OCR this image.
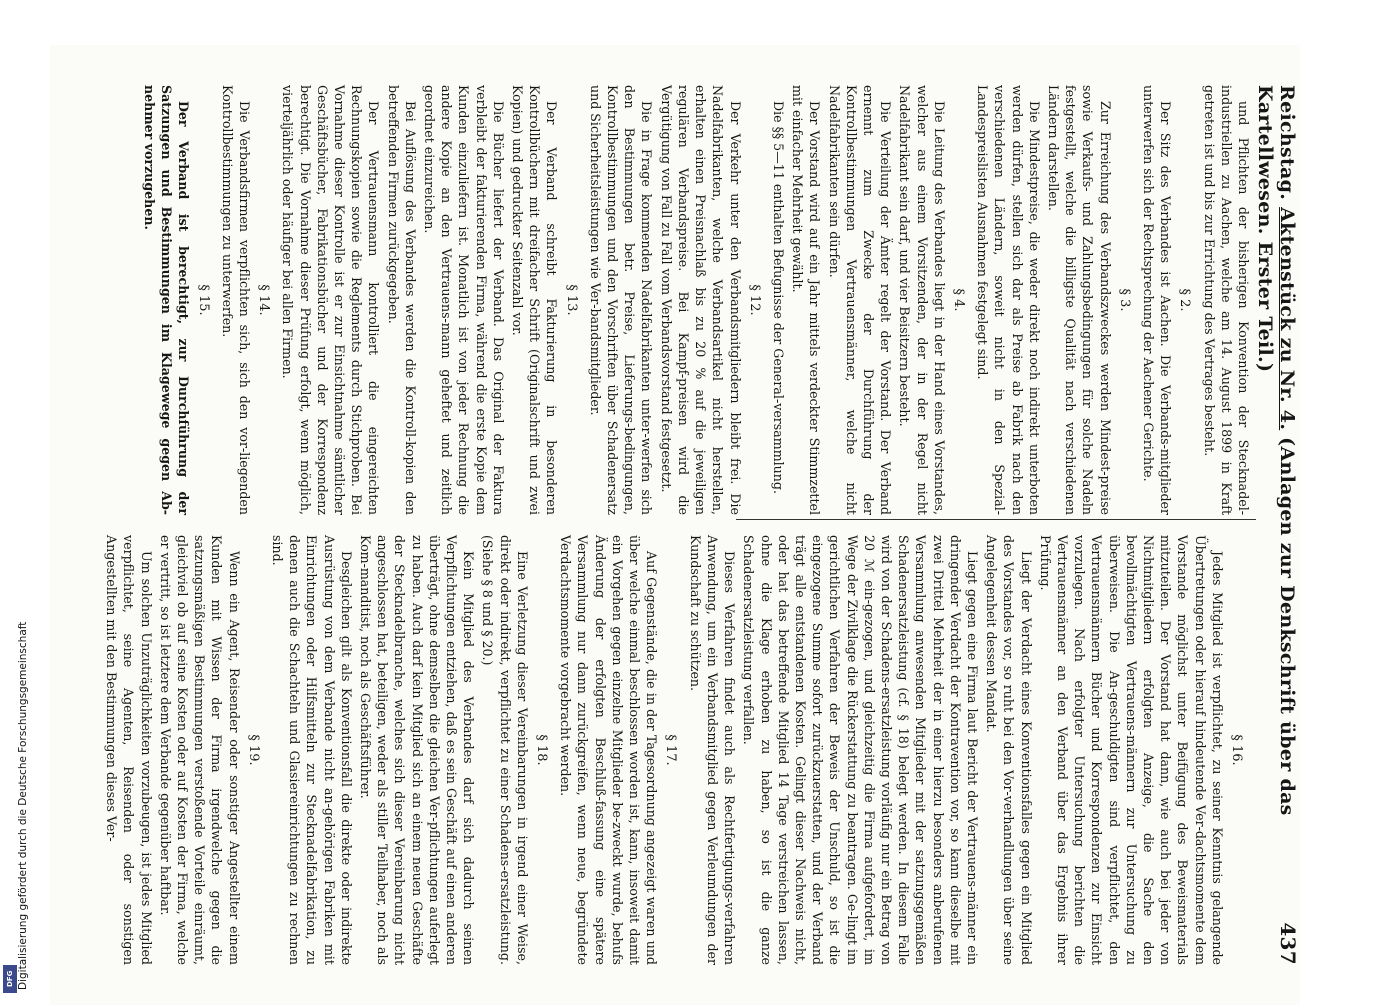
DFG Digitalisierung gefördert durch die Deutsche Forschungsgemeinschaft
Reichstag. Aktenstück zu Nr. 4. (Anlagen zur Denkschrift über das Kartellwesen. Erster Teil.)
437

und Pflichten der bisherigen Konvention der Stecknadel-industriellen zu Aachen, welche am 14. August 1899 in Kraft getreten ist und bis zur Errichtung des Vertrages besteht.

§ 2.

Der Sitz des Verbandes ist Aachen. Die Verbands-mitglieder unterwerfen sich der Rechtsprechung der Aachener Gerichte.

§ 3.

Zur Erreichung des Verbandszweckes werden Mindest-preise sowie Verkaufs- und Zahlungsbedingungen für solche Nadeln festgestellt, welche die billigste Qualität nach verschiedenen Ländern darstellen.

Die Mindestpreise, die weder direkt noch indirekt unterboten werden dürfen, stellen sich dar als Preise ab Fabrik nach den verschiedenen Ländern, soweit nicht in den Spezial-Landespreislisten Ausnahmen festgelegt sind.

§ 4.

Die Leitung des Verbandes liegt in der Hand eines Vorstandes, welcher aus einem Vorsitzenden, der in der Regel nicht Nadelfabrikant sein darf, und vier Beisitzern besteht.

Die Verteilung der Ämter regelt der Vorstand. Der Verband ernennt zum Zwecke der Durchführung der Kontrollbestimmungen Vertrauensmänner, welche nicht Nadelfabrikanten sein dürfen.

Der Vorstand wird auf ein Jahr mittels verdeckter Stimmzettel mit einfacher Mehrheit gewählt.

Die §§ 5—11 enthalten Befugnisse der General-versammlung.

§ 12.

Der Verkehr unter den Verbandsmitgliedern bleibt frei. Die Nadelfabrikanten, welche Verbandsartikel nicht herstellen, erhalten einen Preisnachlaß bis zu 20 % auf die jeweiligen regulären Verbandspreise. Bei Kampf-preisen wird die Vergütigung von Fall zu Fall vom Verbandsvorstand festgesetzt.

Die in Frage kommenden Nadelfabrikanten unter-werfen sich den Bestimmungen betr. Preise, Lieferungs-bedingungen, Kontrollbestimmungen und den Vorschriften über Schadenersatz und Sicherheitsleistungen wie Ver-bandsmitglieder.

§ 13.

Der Verband schreibt Fakturierung in besonderen Kontrollbüchern mit dreifacher Schrift (Originalschrift und zwei Kopien) und gedruckter Seitenzahl vor.

Die Bücher liefert der Verband. Das Original der Faktura verbleibt der fakturierenden Firma, während die erste Kopie dem Kunden einzuliefern ist. Monatlich ist von jeder Rechnung die andere Kopie an den Vertrauens-mann geheftet und zeitlich geordnet einzureichen.

Bei Auflösung des Verbandes werden die Kontroll-kopien den betreffenden Firmen zurückgegeben.

Der Vertrauensmann kontrolliert die eingereichten Rechnungskopien sowie die Reglements durch Stichproben. Bei Vornahme dieser Kontrolle ist er zur Einsichtnahme sämtlicher Geschäftsbücher, Fabrikationsbücher und der Korrespondenz berechtigt. Die Vornahme dieser Prüfung erfolgt, wenn möglich, vierteljährlich oder häufiger bei allen Firmen.

§ 14.

Die Verbandsfirmen verpflichten sich, sich den vor-liegenden Kontrollbestimmungen zu unterwerfen.

§ 15.

Der Verband ist berechtigt, zur Durchführung der Satzungen und Bestimmungen im Klagewege gegen Ab-nehmer vorzugehen.

§ 16.

Jedes Mitglied ist verpflichtet, zu seiner Kenntnis gelangende Übertretungen oder hierauf hindeutende Ver-dachtsmomente dem Vorstande möglichst unter Beifügung des Beweismaterials mitzuteilen. Der Vorstand hat dann, wie auch bei jeder von Nichtmitgliedern erfolgten Anzeige, die Sache den bevollmächtigten Vertrauens-männern zur Untersuchung zu überweisen. Die An-geschuldigten sind verpflichtet, den Vertrauensmännern Bücher und Korrespondenzen zur Einsicht vorzulegen. Nach erfolgter Untersuchung berichten die Vertrauensmänner an den Verband über das Ergebnis ihrer Prüfung.

Liegt der Verdacht eines Konventionsfalles gegen ein Mitglied des Vorstandes vor, so ruht bei den Vor-verhandlungen über seine Angelegenheit dessen Mandat.

Liegt gegen eine Firma laut Bericht der Vertrauens-männer ein dringender Verdacht der Kontravention vor, so kann dieselbe mit zwei Drittel Mehrheit der in einer hierzu besonders anberufenen Versammlung anwesenden Mitglieder mit der satzungsgemäßen Schadenersatzleistung (cf. § 18) belegt werden. In diesem Falle wird von der Schadens-ersatzleistung vorläufig nur ein Betrag von 20 ℳ ein-gezogen, und gleichzeitig die Firma aufgefordert, im Wege der Zivilklage die Rückerstattung zu beantragen. Ge-lingt im gerichtlichen Verfahren der Beweis der Unschuld, so ist die eingezogene Summe sofort zurückzuerstatten, und der Verband trägt alle entstandenen Kosten. Gelingt dieser Nachweis nicht, oder hat das betreffende Mitglied 14 Tage verstreichen lassen, ohne die Klage erhoben zu haben, so ist die ganze Schadenersatzleistung verfallen.

Dieses Verfahren findet auch als Rechtfertigungs-verfahren Anwendung, um ein Verbandsmitglied gegen Verleumdungen der Kundschaft zu schützen.

§ 17.

Auf Gegenstände, die in der Tagesordnung angezeigt waren und über welche einmal beschlossen worden ist, kann, insoweit damit ein Vorgehen gegen einzelne Mitglieder be-zweckt wurde, behufs Änderung der erfolgten Beschluß-fassung eine spätere Versammlung nur dann zurückgreifen, wenn neue, begründete Verdachtsmomente vorgebracht werden.

§ 18.

Eine Verletzung dieser Vereinbarungen in irgend einer Weise, direkt oder indirekt, verpflichtet zu einer Schadens-ersatzleistung. (Siehe § 8 und § 20.)

Kein Mitglied des Verbandes darf sich dadurch seinen Verpflichtungen entziehen, daß es sein Geschäft auf einen anderen überträgt, ohne demselben die gleichen Ver-pflichtungen auferlegt zu haben. Auch darf kein Mitglied sich an einem neuen Geschäfte der Stecknadelbranche, welches sich dieser Vereinbarung nicht angeschlossen hat, beteiligen, weder als stiller Teilhaber, noch als Kom-manditist, noch als Geschäftsführer.

Desgleichen gilt als Konventionsfall die direkte oder indirekte Ausrüstung von dem Verbande nicht an-gehörigen Fabriken mit Einrichtungen oder Hilfsmitteln zur Stecknadelfabrikation, zu denen auch die Schachteln und Glasiereinrichtungen zu rechnen sind.

§ 19.

Wenn ein Agent, Reisender oder sonstiger Angestellter einem Kunden mit Wissen der Firma irgendwelche gegen die satzungsmäßigen Bestimmungen verstoßende Vorteile einräumt, gleichviel ob auf seine Kosten oder auf Kosten der Firma, welche er vertritt, so ist letztere dem Verbande gegenüber haftbar.

Um solchen Unzuträglichkeiten vorzubeugen, ist jedes Mitglied verpflichtet, seine Agenten, Reisenden oder sonstigen Angestellten mit den Bestimmungen dieses Ver-
